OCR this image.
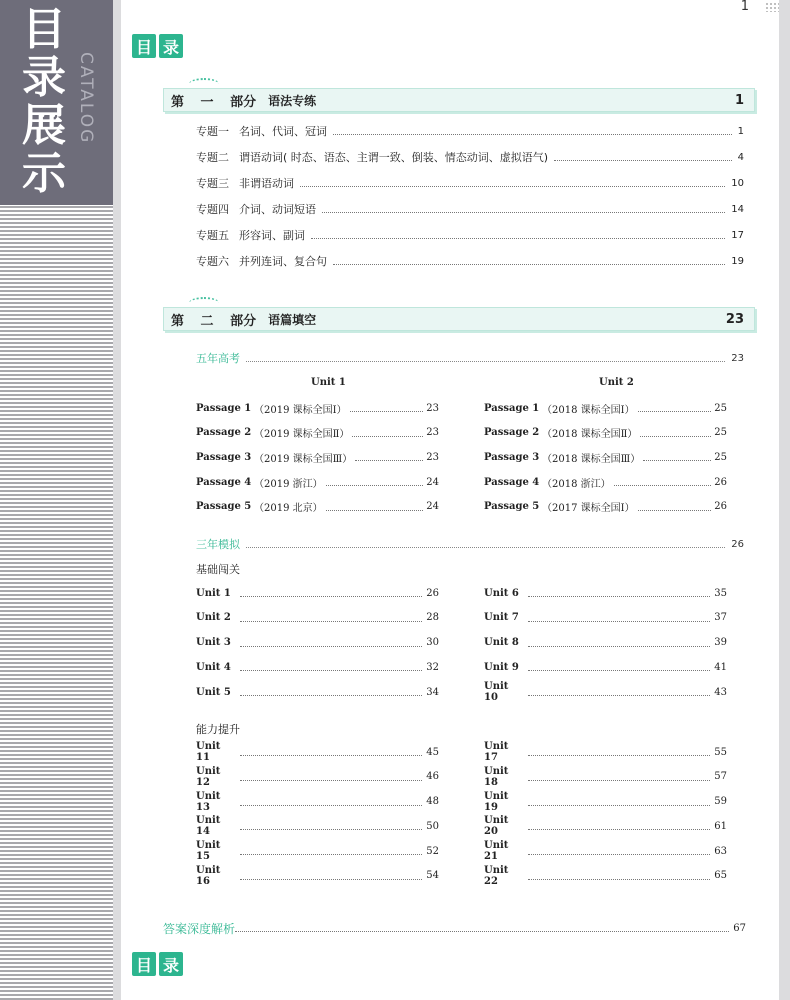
目
录
展
示
CATALOG
1
目 录
第 一 部分 语法专练	1
专题一 名词、代词、冠词	1
专题二 谓语动词( 时态、语态、主谓一致、倒装、情态动词、虚拟语气)	4
专题三 非谓语动词	10
专题四 介词、动词短语	14
专题五 形容词、副词	17
专题六 并列连词、复合句	19
第 二 部分 语篇填空	23
五年高考	23
Unit 1	Unit 2
Passage 1 （2019 课标全国Ⅰ）	23
Passage 2 （2019 课标全国Ⅱ）	23
Passage 3 （2019 课标全国Ⅲ）	23
Passage 4 （2019 浙江）	24
Passage 5 （2019 北京）	24
Passage 1 （2018 课标全国Ⅰ）	25
Passage 2 （2018 课标全国Ⅱ）	25
Passage 3 （2018 课标全国Ⅲ）	25
Passage 4 （2018 浙江）	26
Passage 5 （2017 课标全国Ⅰ）	26
三年模拟	26
基础闯关
Unit 1	26
Unit 2	28
Unit 3	30
Unit 4	32
Unit 5	34
Unit 6	35
Unit 7	37
Unit 8	39
Unit 9	41
Unit 10	43
能力提升
Unit 11	45
Unit 12	46
Unit 13	48
Unit 14	50
Unit 15	52
Unit 16	54
Unit 17	55
Unit 18	57
Unit 19	59
Unit 20	61
Unit 21	63
Unit 22	65
答案深度解析	67
目 录
